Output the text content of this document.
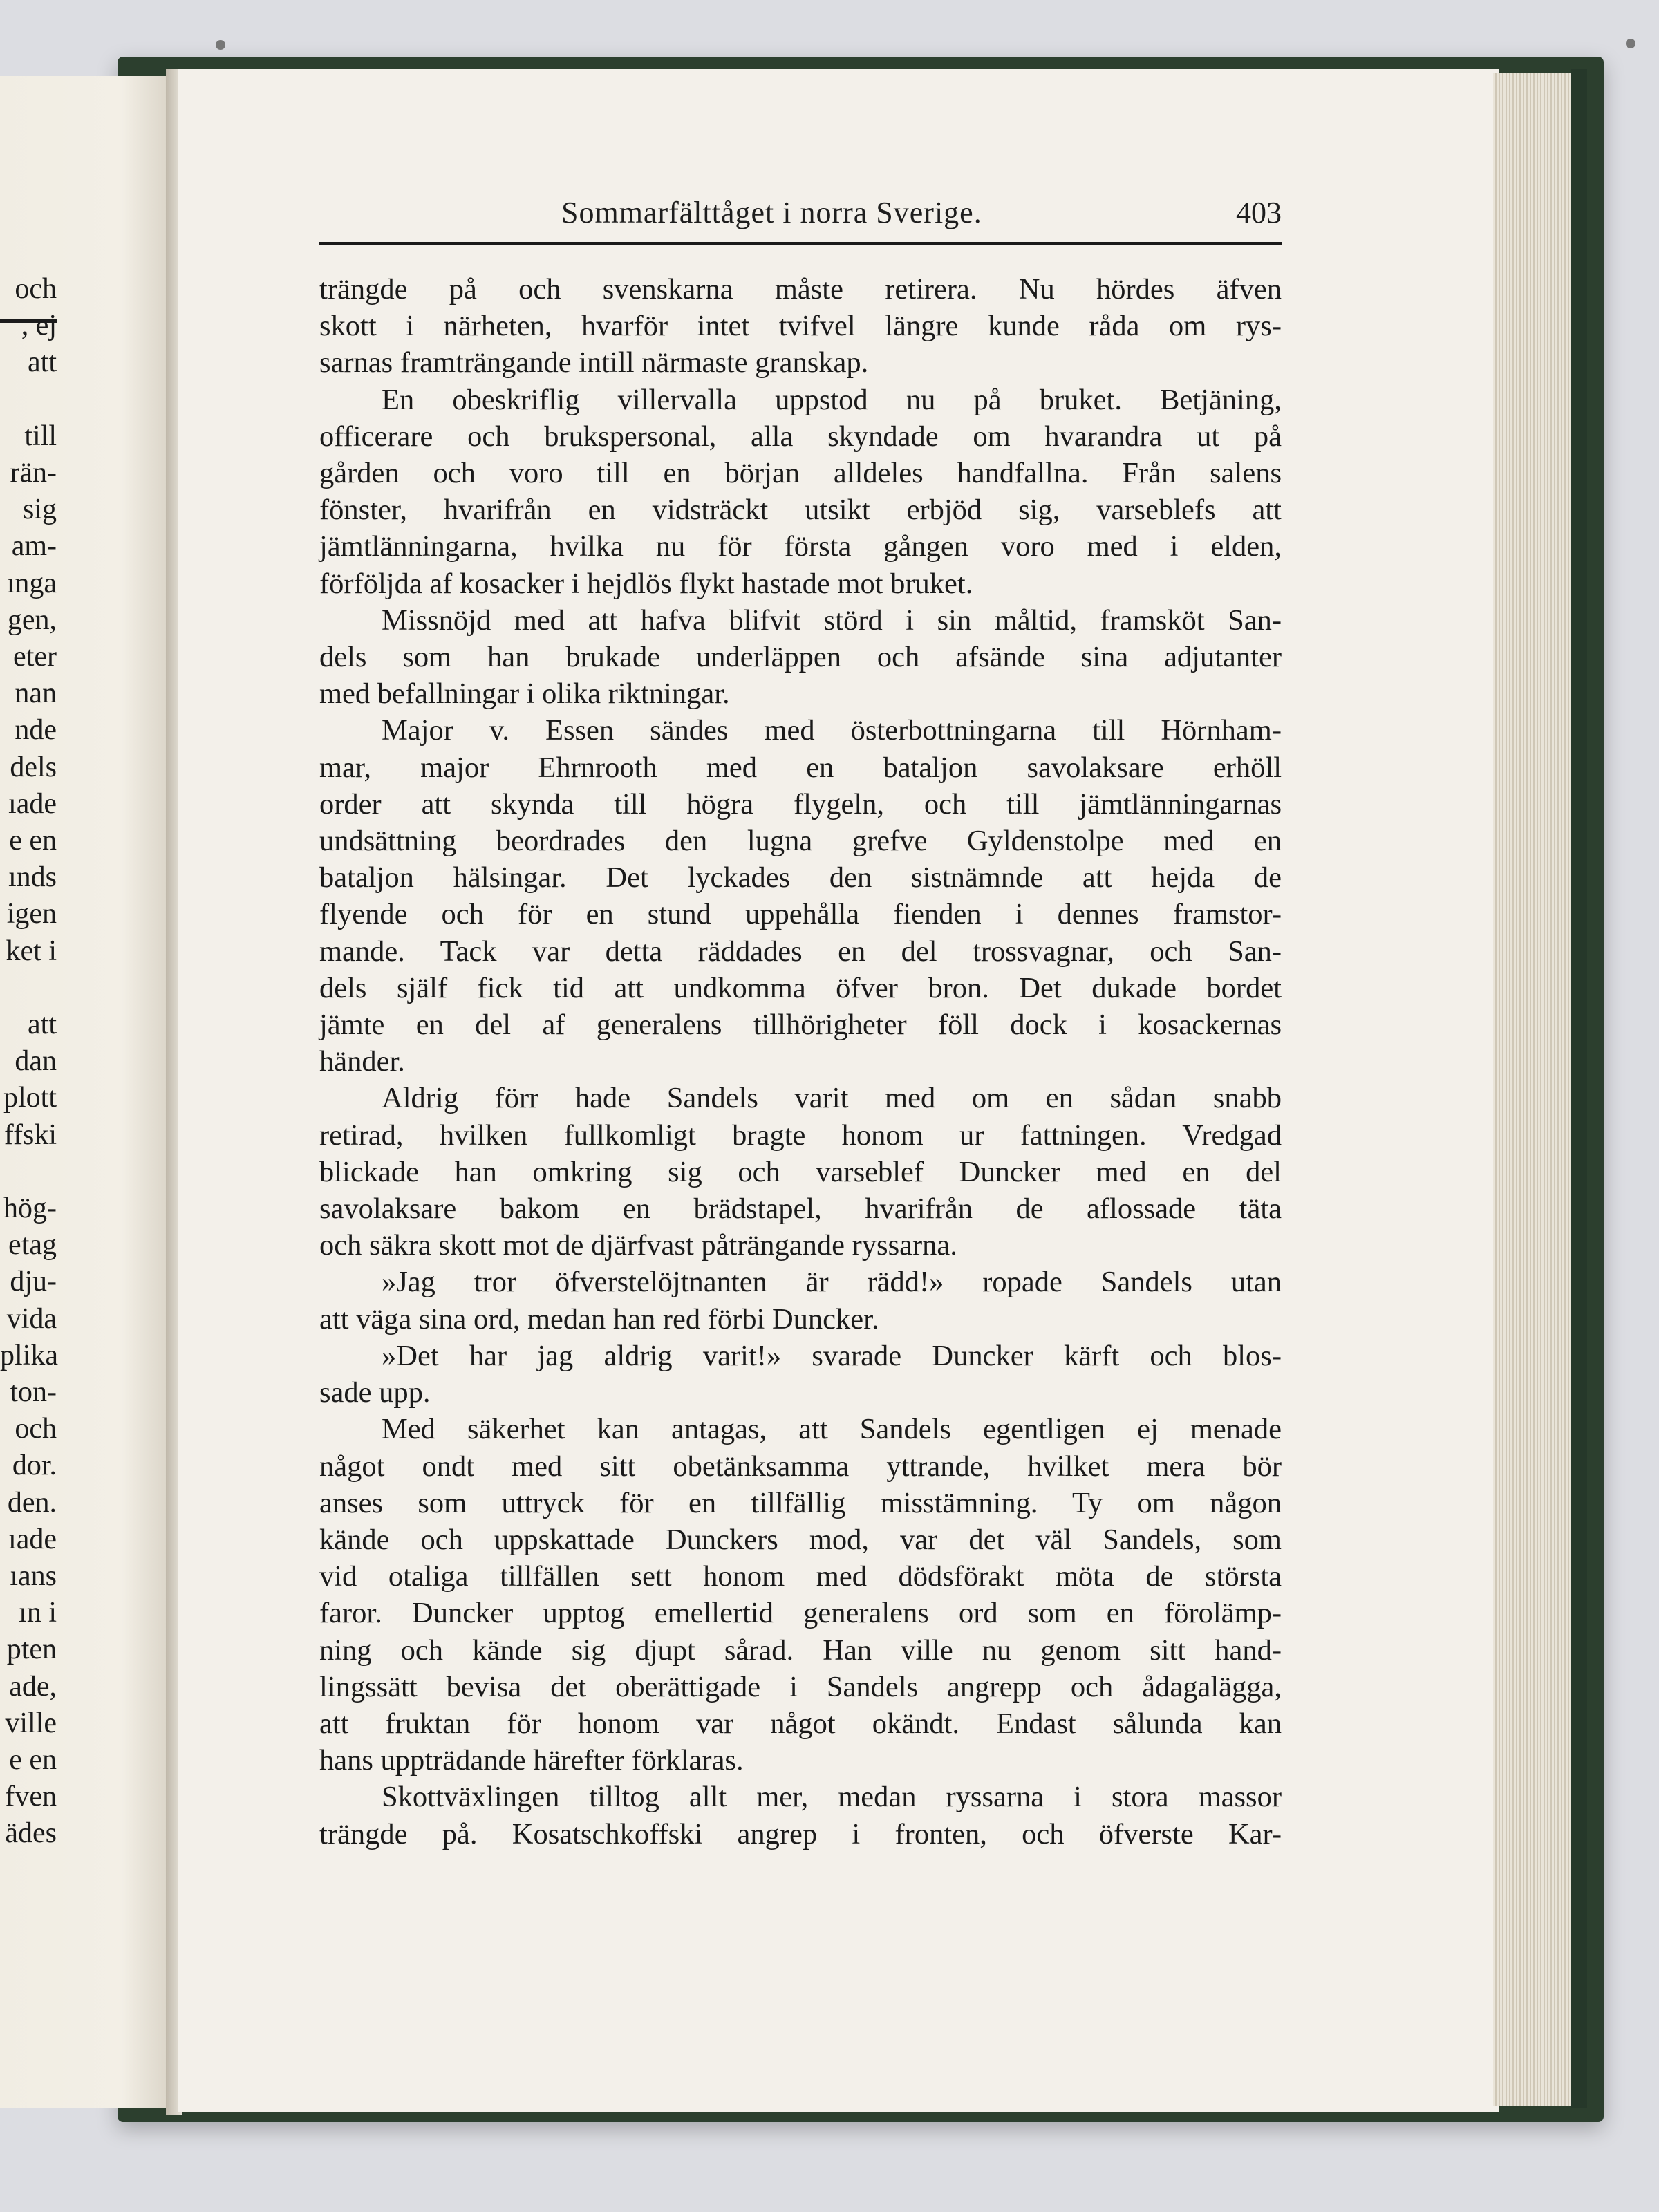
och
, ej
att
till
rän-
sig
am-
ınga
gen,
eter
nan
nde
dels
ıade
e en
ınds
igen
ket i
att
dan
plott
ffski
hög-
etag
dju-
vida
plika
ton-
och
dor.
den.
ıade
ıans
ın i
pten
ade,
ville
e en
fven
ädes
Sommarfälttåget i norra Sverige.	403
trängde på och svenskarna måste retirera. Nu hördes äfven
skott i närheten, hvarför intet tvifvel längre kunde råda om rys-
sarnas framträngande intill närmaste granskap.
En obeskriflig villervalla uppstod nu på bruket. Betjäning,
officerare och brukspersonal, alla skyndade om hvarandra ut på
gården och voro till en början alldeles handfallna. Från salens
fönster, hvarifrån en vidsträckt utsikt erbjöd sig, varseblefs att
jämtlänningarna, hvilka nu för första gången voro med i elden,
förföljda af kosacker i hejdlös flykt hastade mot bruket.
Missnöjd med att hafva blifvit störd i sin måltid, framsköt San-
dels som han brukade underläppen och afsände sina adjutanter
med befallningar i olika riktningar.
Major v. Essen sändes med österbottningarna till Hörnham-
mar, major Ehrnrooth med en bataljon savolaksare erhöll
order att skynda till högra flygeln, och till jämtlänningarnas
undsättning beordrades den lugna grefve Gyldenstolpe med en
bataljon hälsingar. Det lyckades den sistnämnde att hejda de
flyende och för en stund uppehålla fienden i dennes framstor-
mande. Tack var detta räddades en del trossvagnar, och San-
dels själf fick tid att undkomma öfver bron. Det dukade bordet
jämte en del af generalens tillhörigheter föll dock i kosackernas
händer.
Aldrig förr hade Sandels varit med om en sådan snabb
retirad, hvilken fullkomligt bragte honom ur fattningen. Vredgad
blickade han omkring sig och varseblef Duncker med en del
savolaksare bakom en brädstapel, hvarifrån de aflossade täta
och säkra skott mot de djärfvast påträngande ryssarna.
»Jag tror öfverstelöjtnanten är rädd!» ropade Sandels utan
att väga sina ord, medan han red förbi Duncker.
»Det har jag aldrig varit!» svarade Duncker kärft och blos-
sade upp.
Med säkerhet kan antagas, att Sandels egentligen ej menade
något ondt med sitt obetänksamma yttrande, hvilket mera bör
anses som uttryck för en tillfällig misstämning. Ty om någon
kände och uppskattade Dunckers mod, var det väl Sandels, som
vid otaliga tillfällen sett honom med dödsförakt möta de största
faror. Duncker upptog emellertid generalens ord som en förolämp-
ning och kände sig djupt sårad. Han ville nu genom sitt hand-
lingssätt bevisa det oberättigade i Sandels angrepp och ådagalägga,
att fruktan för honom var något okändt. Endast sålunda kan
hans uppträdande härefter förklaras.
Skottväxlingen tilltog allt mer, medan ryssarna i stora massor
trängde på. Kosatschkoffski angrep i fronten, och öfverste Kar-
